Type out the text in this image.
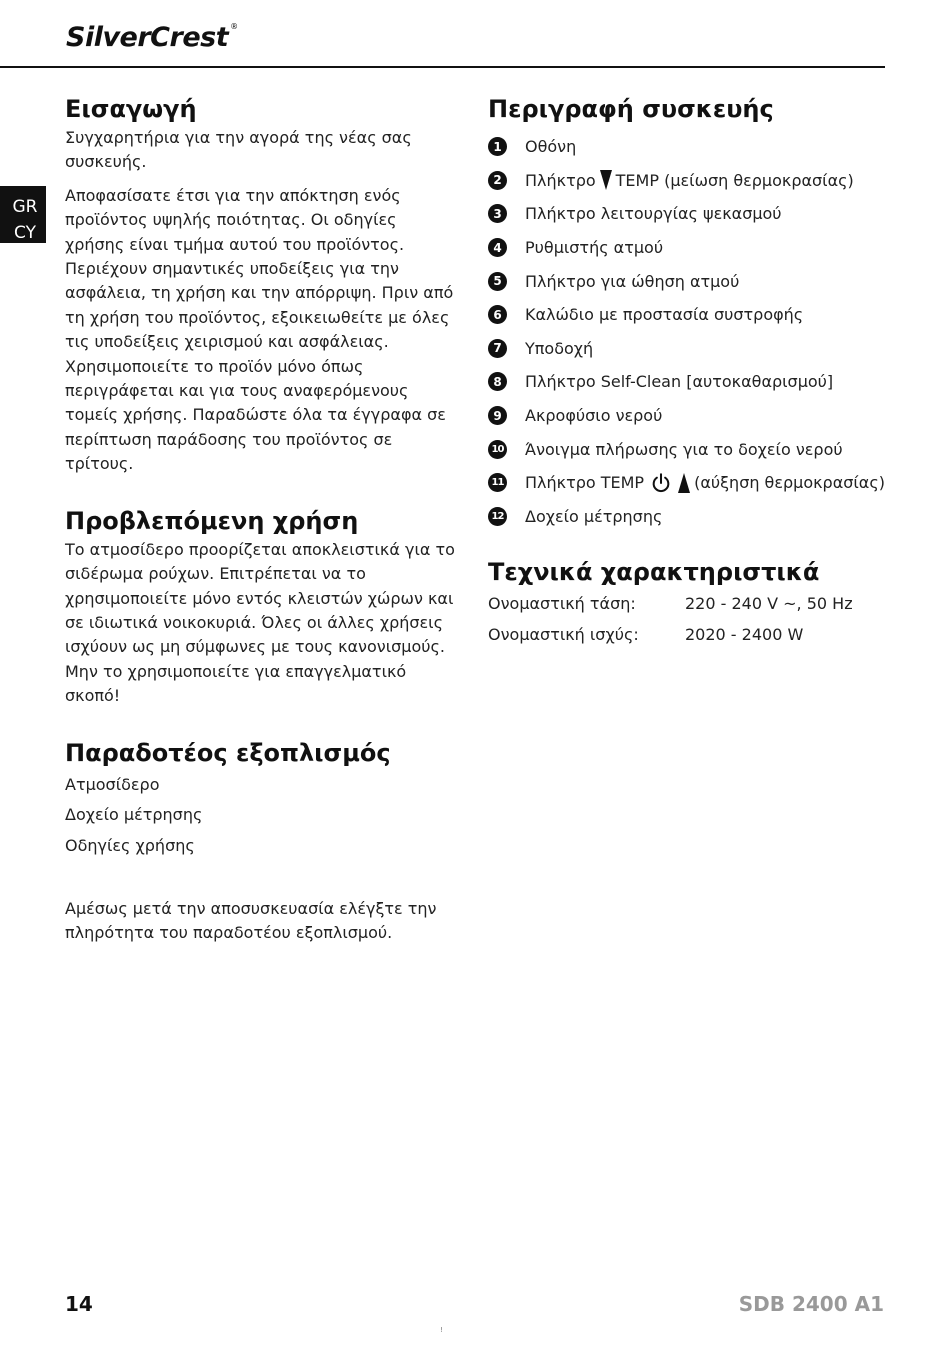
SilverCrest ®
GR
CY
Εισαγωγή

Συγχαρητήρια για την αγορά της νέας σας συσκευής.

Αποφασίσατε έτσι για την απόκτηση ενός προϊόντος υψηλής ποιότητας. Οι οδηγίες χρήσης είναι τμήμα αυτού του προϊόντος. Περιέχουν σημαντικές υποδείξεις για την ασφάλεια, τη χρήση και την απόρριψη. Πριν από τη χρήση του προϊόντος, εξοικειωθείτε με όλες τις υποδείξεις χειρισμού και ασφάλειας. Χρησιμοποιείτε το προϊόν μόνο όπως περιγράφεται και για τους αναφερόμενους τομείς χρήσης. Παραδώστε όλα τα έγγραφα σε περίπτωση παράδοσης του προϊόντος σε τρίτους.

Προβλεπόμενη χρήση

Το ατμοσίδερο προορίζεται αποκλειστικά για το σιδέρωμα ρούχων. Επιτρέπεται να το χρησιμοποιείτε μόνο εντός κλειστών χώρων και σε ιδιωτικά νοικοκυριά. Όλες οι άλλες χρήσεις ισχύουν ως μη σύμφωνες με τους κανονισμούς. Μην το χρησιμοποιείτε για επαγγελματικό σκοπό!

Παραδοτέος εξοπλισμός

Ατμοσίδερο

Δοχείο μέτρησης

Οδηγίες χρήσης

Αμέσως μετά την αποσυσκευασία ελέγξτε την πληρότητα του παραδοτέου εξοπλισμού.

Περιγραφή συσκευής
1	Οθόνη
2	Πλήκτρο TEMP (μείωση θερμοκρασίας)
3	Πλήκτρο λειτουργίας ψεκασμού
4	Ρυθμιστής ατμού
5	Πλήκτρο για ώθηση ατμού
6	Καλώδιο με προστασία συστροφής
7	Υποδοχή
8	Πλήκτρο Self-Clean [αυτοκαθαρισμού]
9	Ακροφύσιο νερού
10 Άνοιγμα πλήρωσης για το δοχείο νερού
11 Πλήκτρο TEMP	(αύξηση θερμοκρασίας)
12 Δοχείο μέτρησης
Τεχνικά χαρακτηριστικά
Ονομαστική τάση:	220 - 240 V ~, 50 Hz
Ονομαστική ισχύς:	2020 - 2400 W
14	SDB 2400 A1
!
